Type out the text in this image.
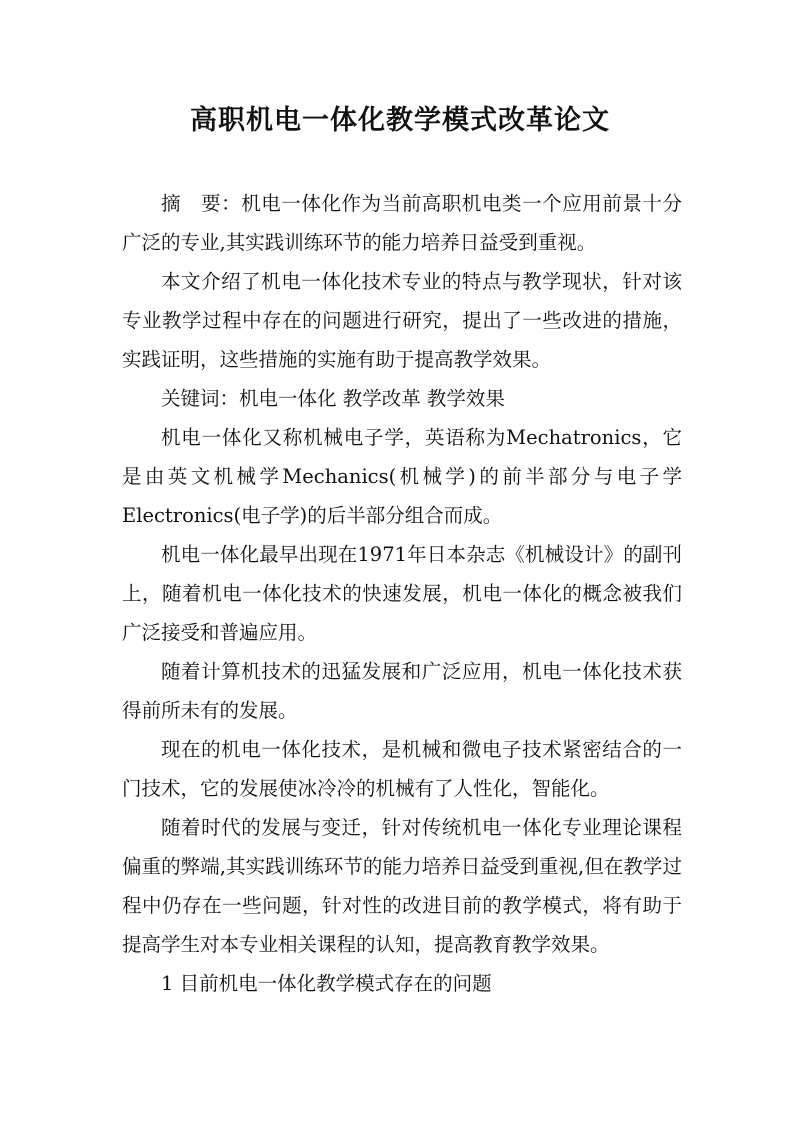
高职机电一体化教学模式改革论文

摘　要：机电一体化作为当前高职机电类一个应用前景十分广泛的专业,其实践训练环节的能力培养日益受到重视。

本文介绍了机电一体化技术专业的特点与教学现状，针对该专业教学过程中存在的问题进行研究，提出了一些改进的措施，实践证明，这些措施的实施有助于提高教学效果。

关键词：机电一体化 教学改革 教学效果

机电一体化又称机械电子学，英语称为Mechatronics，它是由英文机械学Mechanics(机械学)的前半部分与电子学Electronics(电子学)的后半部分组合而成。

机电一体化最早出现在1971年日本杂志《机械设计》的副刊上，随着机电一体化技术的快速发展，机电一体化的概念被我们广泛接受和普遍应用。

随着计算机技术的迅猛发展和广泛应用，机电一体化技术获得前所未有的发展。

现在的机电一体化技术，是机械和微电子技术紧密结合的一门技术，它的发展使冰冷冷的机械有了人性化，智能化。

随着时代的发展与变迁，针对传统机电一体化专业理论课程偏重的弊端,其实践训练环节的能力培养日益受到重视,但在教学过程中仍存在一些问题，针对性的改进目前的教学模式，将有助于提高学生对本专业相关课程的认知，提高教育教学效果。

1 目前机电一体化教学模式存在的问题
